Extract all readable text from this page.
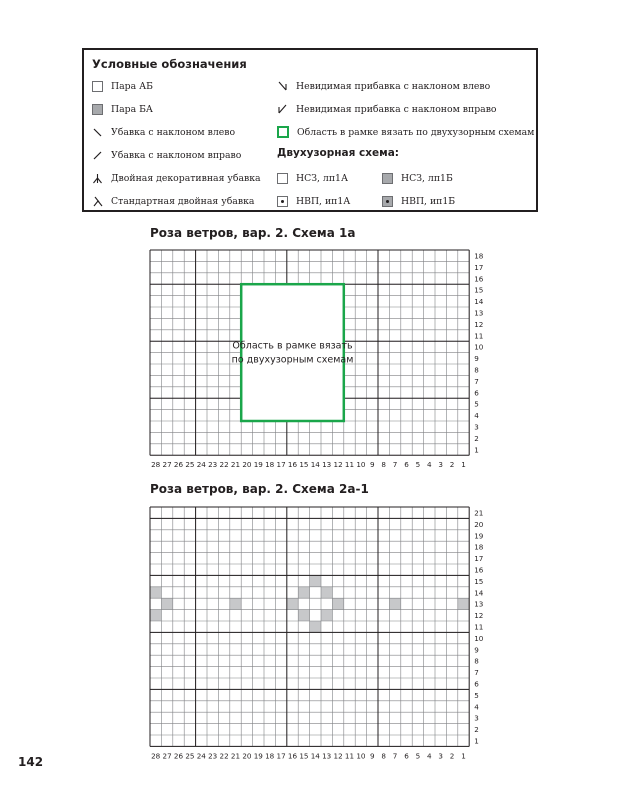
Условные обозначения
Пара АБ
Пара БА
Убавка с наклоном влево
Убавка с наклоном вправо
Двойная декоративная убавка
Стандартная двойная убавка
Невидимая прибавка с наклоном влево
Невидимая прибавка с наклоном вправо
Область в рамке вязать по двухузорным схемам
Двухузорная схема:
НСЗ, лп1А	НСЗ, лп1Б
НВП, ип1А	НВП, ип1Б
Роза ветров, вар. 2. Схема 1а
Роза ветров, вар. 2. Схема 2а-1
1
2
3
4
5
6
7
8
9
10
11
12
13
14
15
16
17
18
1
2
3
4
5
6
7
8
9
10
11
12
13
14
15
16
17
18
19
20
21
22
23
24
25
26
27
28
Область в рамке вязать
по двухузорным схемам
1
2
3
4
5
6
7
8
9
10
11
12
13
14
15
16
17
18
19
20
21
1
2
3
4
5
6
7
8
9
10
11
12
13
14
15
16
17
18
19
20
21
22
23
24
25
26
27
28
142
